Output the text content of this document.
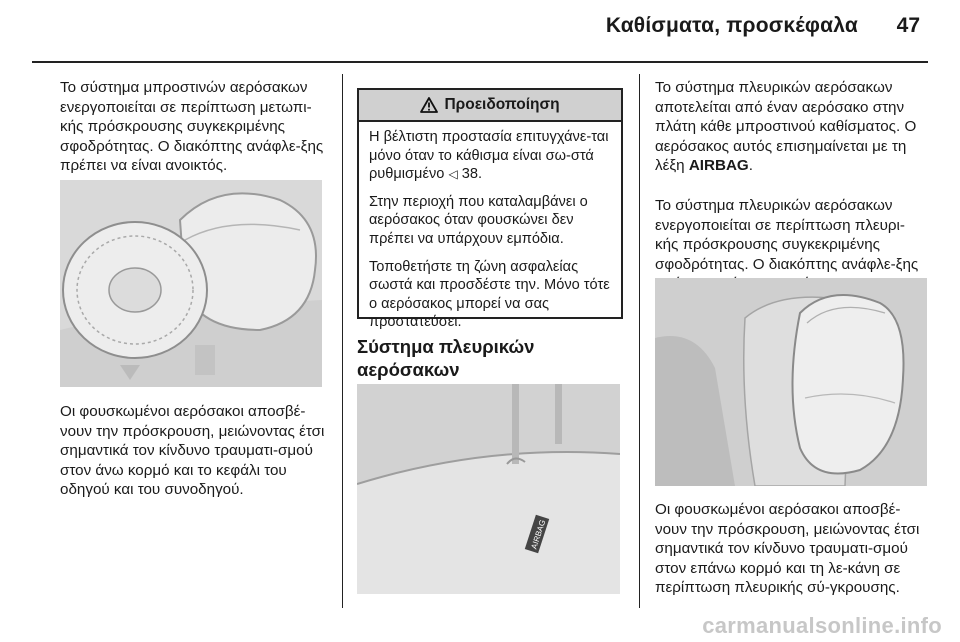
Καθίσματα, προσκέφαλα 47

Το σύστημα μπροστινών αερόσακων ενεργοποιείται σε περίπτωση μετωπι-κής πρόσκρουσης συγκεκριμένης σφοδρότητας. Ο διακόπτης ανάφλε-ξης πρέπει να είναι ανοικτός.

Οι φουσκωμένοι αερόσακοι αποσβέ-νουν την πρόσκρουση, μειώνοντας έτσι σημαντικά τον κίνδυνο τραυματι-σμού στον άνω κορμό και το κεφάλι του οδηγού και του συνοδηγού.

Προειδοποίηση

Η βέλτιστη προστασία επιτυγχάνε-ται μόνο όταν το κάθισμα είναι σω-στά ρυθμισμένο ◁ 38.

Στην περιοχή που καταλαμβάνει ο αερόσακος όταν φουσκώνει δεν πρέπει να υπάρχουν εμπόδια.

Τοποθετήστε τη ζώνη ασφαλείας σωστά και προσδέστε την. Μόνο τότε ο αερόσακος μπορεί να σας προστατεύσει.

Σύστημα πλευρικών
αερόσακων
AIRBAG

Το σύστημα πλευρικών αερόσακων αποτελείται από έναν αερόσακο στην πλάτη κάθε μπροστινού καθίσματος. Ο αερόσακος αυτός επισημαίνεται με τη λέξη AIRBAG.

Το σύστημα πλευρικών αερόσακων ενεργοποιείται σε περίπτωση πλευρι-κής πρόσκρουσης συγκεκριμένης σφοδρότητας. Ο διακόπτης ανάφλε-ξης

Οι φουσκωμένοι αερόσακοι αποσβέ-νουν την πρόσκρουση, μειώνοντας έτσι σημαντικά τον κίνδυνο τραυματι-σμού στον επάνω κορμό και τη λε-κάνη σε περίπτωση πλευρικής σύ-γκρουσης.

carmanualsonline.info
